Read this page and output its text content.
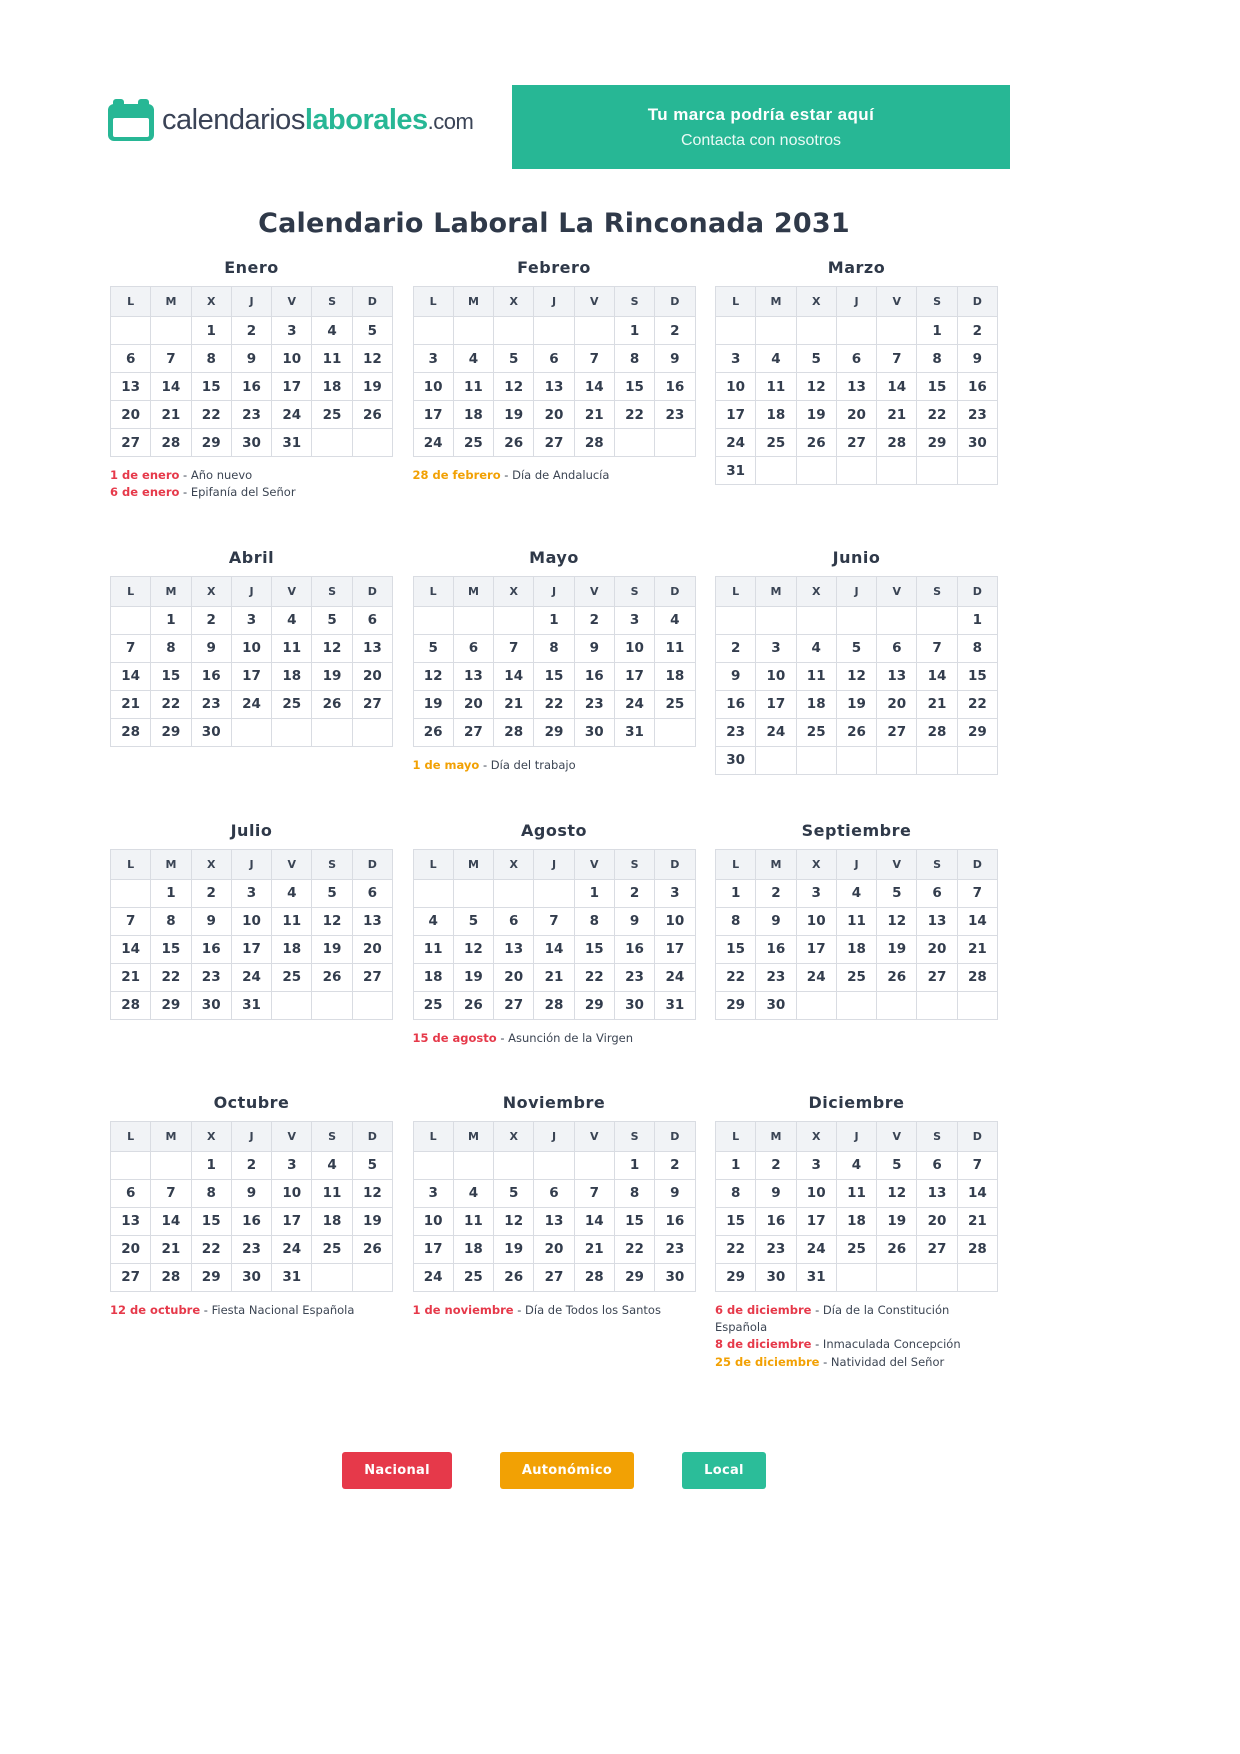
calendarioslaborales.com	Tu marca podría estar aquí
Contacta con nosotros
Calendario Laboral La Rinconada 2031
Enero
L	M	X	J	V	S	D
		1	2	3	4	5
6	7	8	9	10	11	12
13	14	15	16	17	18	19
20	21	22	23	24	25	26
27	28	29	30	31		
1 de enero - Año nuevo
6 de enero - Epifanía del Señor
Febrero
L	M	X	J	V	S	D
					1	2
3	4	5	6	7	8	9
10	11	12	13	14	15	16
17	18	19	20	21	22	23
24	25	26	27	28		
28 de febrero - Día de Andalucía
Marzo
L	M	X	J	V	S	D
					1	2
3	4	5	6	7	8	9
10	11	12	13	14	15	16
17	18	19	20	21	22	23
24	25	26	27	28	29	30
31						
Abril
L	M	X	J	V	S	D
	1	2	3	4	5	6
7	8	9	10	11	12	13
14	15	16	17	18	19	20
21	22	23	24	25	26	27
28	29	30				
Mayo
L	M	X	J	V	S	D
			1	2	3	4
5	6	7	8	9	10	11
12	13	14	15	16	17	18
19	20	21	22	23	24	25
26	27	28	29	30	31	
1 de mayo - Día del trabajo
Junio
L	M	X	J	V	S	D
						1
2	3	4	5	6	7	8
9	10	11	12	13	14	15
16	17	18	19	20	21	22
23	24	25	26	27	28	29
30						
Julio
L	M	X	J	V	S	D
	1	2	3	4	5	6
7	8	9	10	11	12	13
14	15	16	17	18	19	20
21	22	23	24	25	26	27
28	29	30	31			
Agosto
L	M	X	J	V	S	D
				1	2	3
4	5	6	7	8	9	10
11	12	13	14	15	16	17
18	19	20	21	22	23	24
25	26	27	28	29	30	31
15 de agosto - Asunción de la Virgen
Septiembre
L	M	X	J	V	S	D
1	2	3	4	5	6	7
8	9	10	11	12	13	14
15	16	17	18	19	20	21
22	23	24	25	26	27	28
29	30					
Octubre
L	M	X	J	V	S	D
		1	2	3	4	5
6	7	8	9	10	11	12
13	14	15	16	17	18	19
20	21	22	23	24	25	26
27	28	29	30	31		
12 de octubre - Fiesta Nacional Española
Noviembre
L	M	X	J	V	S	D
					1	2
3	4	5	6	7	8	9
10	11	12	13	14	15	16
17	18	19	20	21	22	23
24	25	26	27	28	29	30
1 de noviembre - Día de Todos los Santos
Diciembre
L	M	X	J	V	S	D
1	2	3	4	5	6	7
8	9	10	11	12	13	14
15	16	17	18	19	20	21
22	23	24	25	26	27	28
29	30	31				
6 de diciembre - Día de la Constitución Española
8 de diciembre - Inmaculada Concepción
25 de diciembre - Natividad del Señor
Nacional	Autonómico	Local
